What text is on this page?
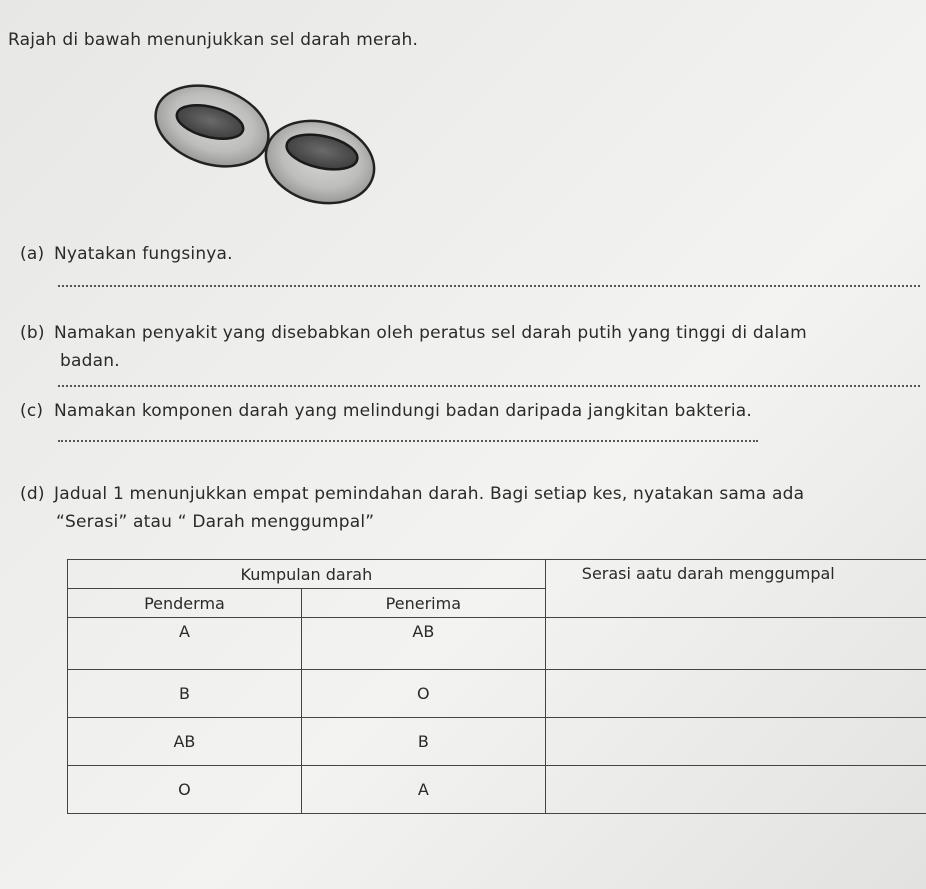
Rajah di bawah menunjukkan sel darah merah.
(a) Nyatakan fungsinya.
(b) Namakan penyakit yang disebabkan oleh peratus sel darah putih yang tinggi di dalam
badan.
(c) Namakan komponen darah yang melindungi badan daripada jangkitan bakteria.
(d) Jadual 1 menunjukkan empat pemindahan darah. Bagi setiap kes, nyatakan sama ada
“Serasi” atau “ Darah menggumpal”
Kumpulan darah		Serasi aatu darah menggumpal
Penderma	Penerima	
A	AB	
B	O	
AB	B	
O	A	
